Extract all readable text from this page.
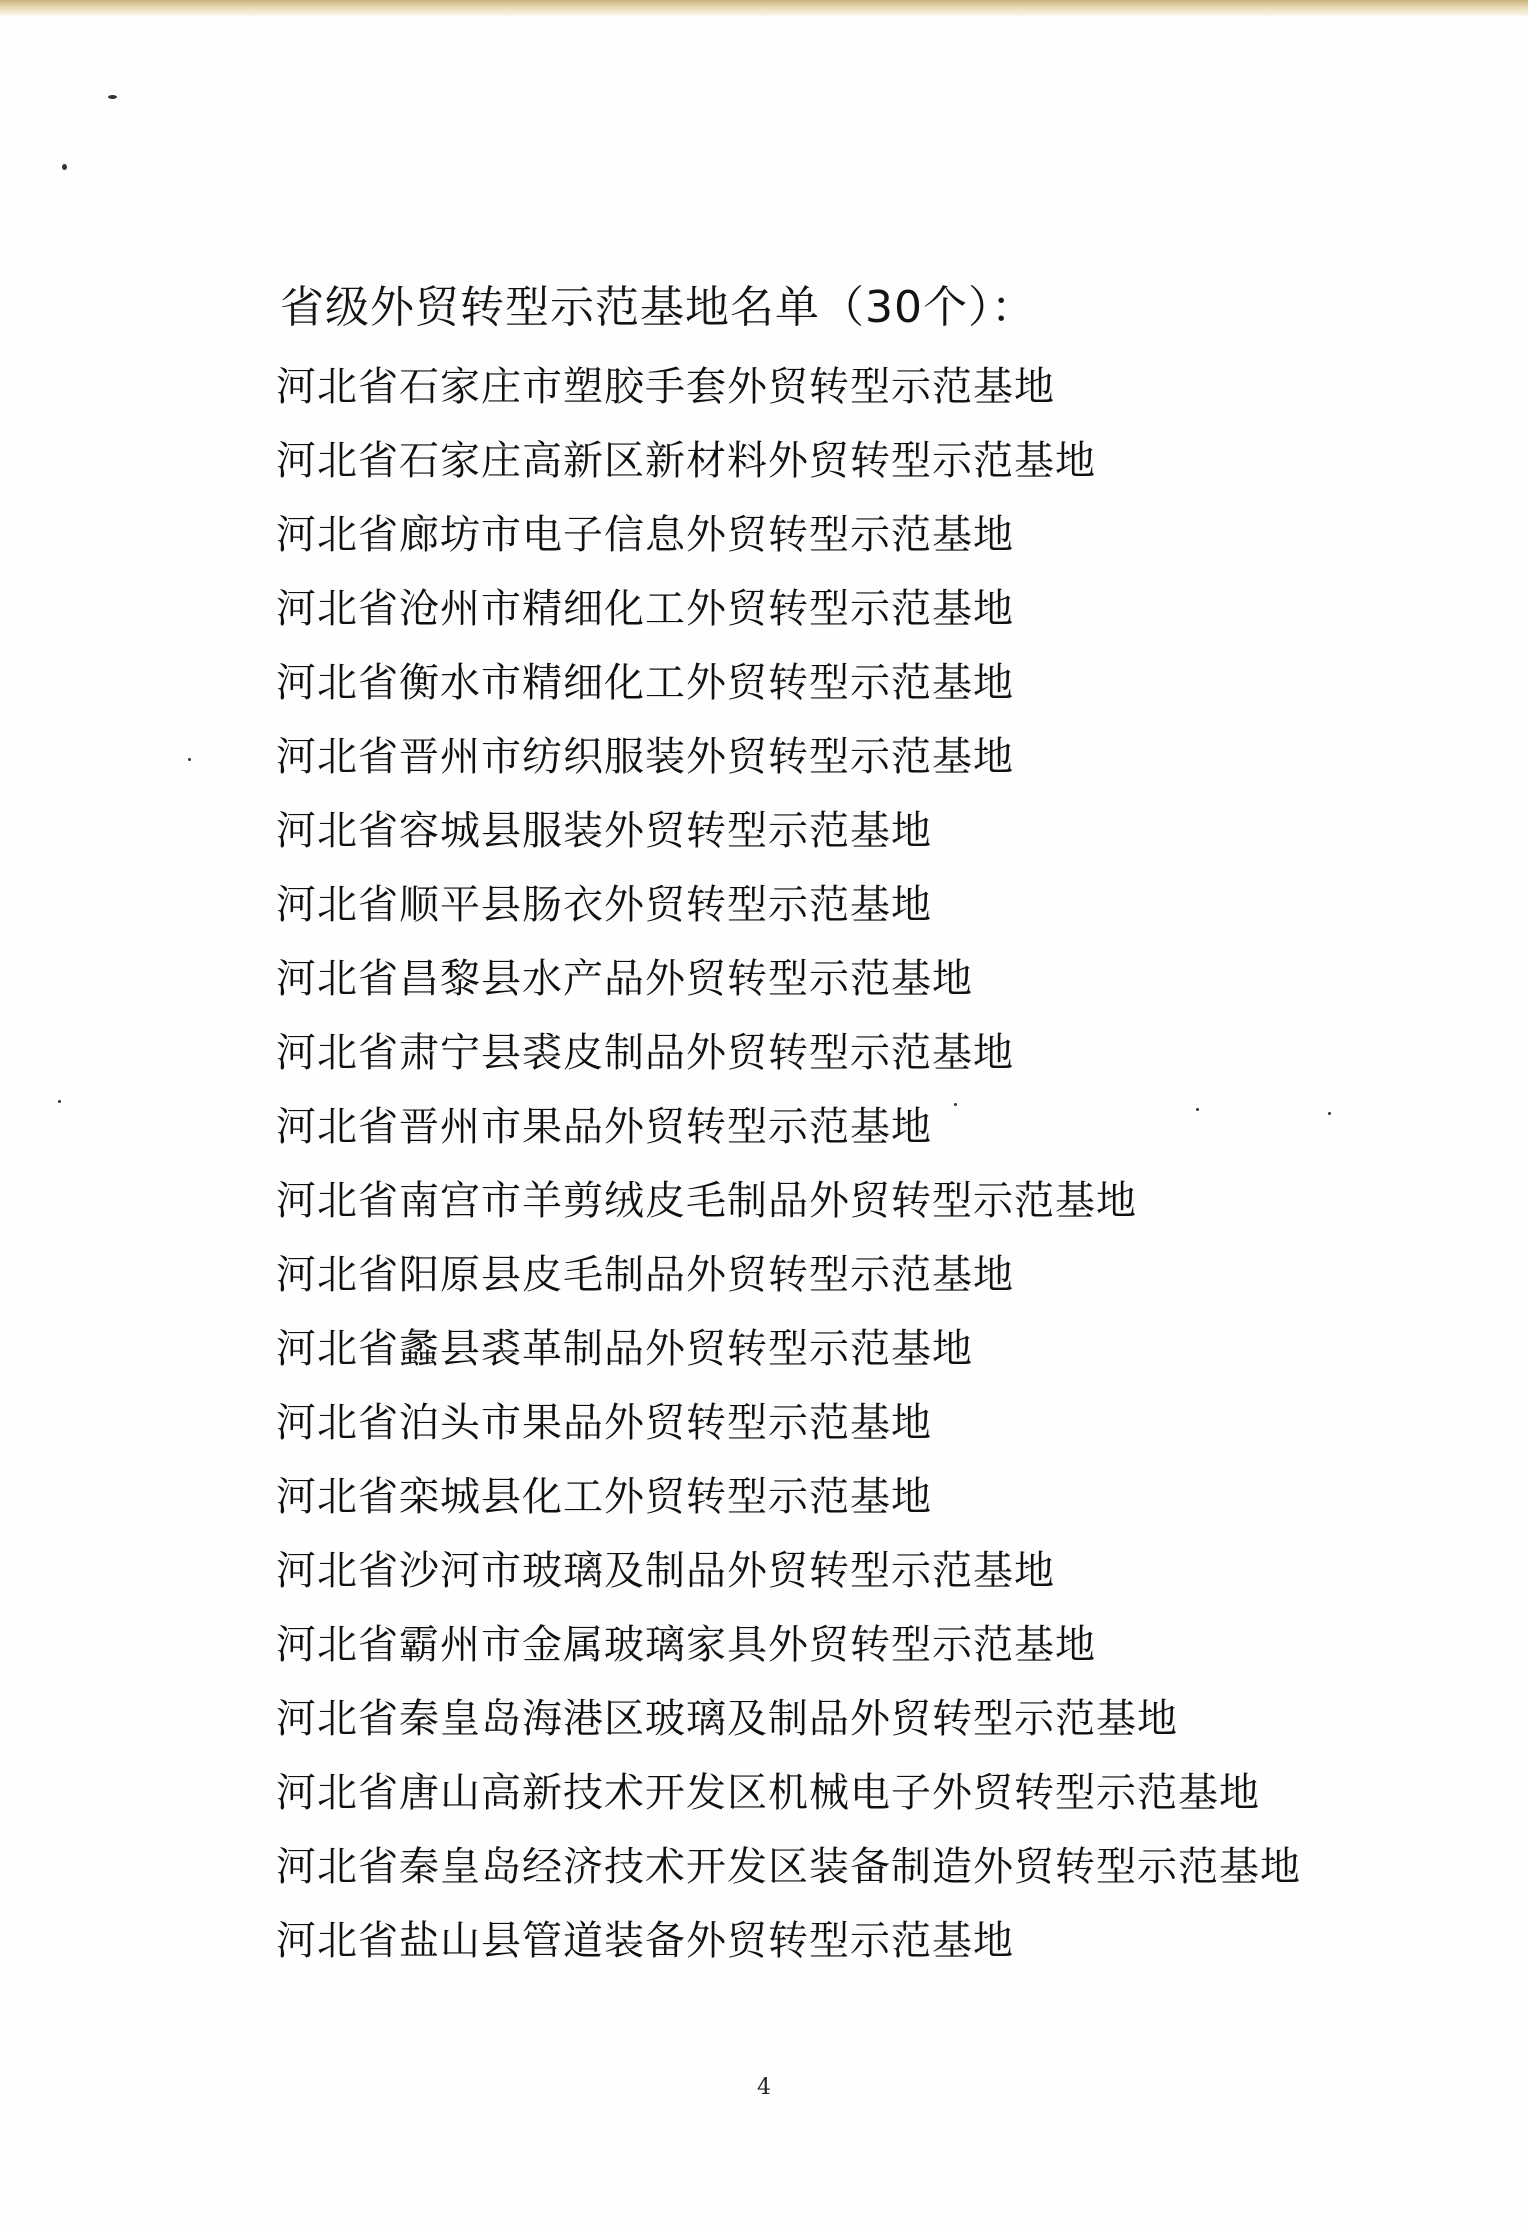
省级外贸转型示范基地名单（30个）：
河北省石家庄市塑胶手套外贸转型示范基地
河北省石家庄高新区新材料外贸转型示范基地
河北省廊坊市电子信息外贸转型示范基地
河北省沧州市精细化工外贸转型示范基地
河北省衡水市精细化工外贸转型示范基地
河北省晋州市纺织服装外贸转型示范基地
河北省容城县服装外贸转型示范基地
河北省顺平县肠衣外贸转型示范基地
河北省昌黎县水产品外贸转型示范基地
河北省肃宁县裘皮制品外贸转型示范基地
河北省晋州市果品外贸转型示范基地
河北省南宫市羊剪绒皮毛制品外贸转型示范基地
河北省阳原县皮毛制品外贸转型示范基地
河北省蠡县裘革制品外贸转型示范基地
河北省泊头市果品外贸转型示范基地
河北省栾城县化工外贸转型示范基地
河北省沙河市玻璃及制品外贸转型示范基地
河北省霸州市金属玻璃家具外贸转型示范基地
河北省秦皇岛海港区玻璃及制品外贸转型示范基地
河北省唐山高新技术开发区机械电子外贸转型示范基地
河北省秦皇岛经济技术开发区装备制造外贸转型示范基地
河北省盐山县管道装备外贸转型示范基地
4
